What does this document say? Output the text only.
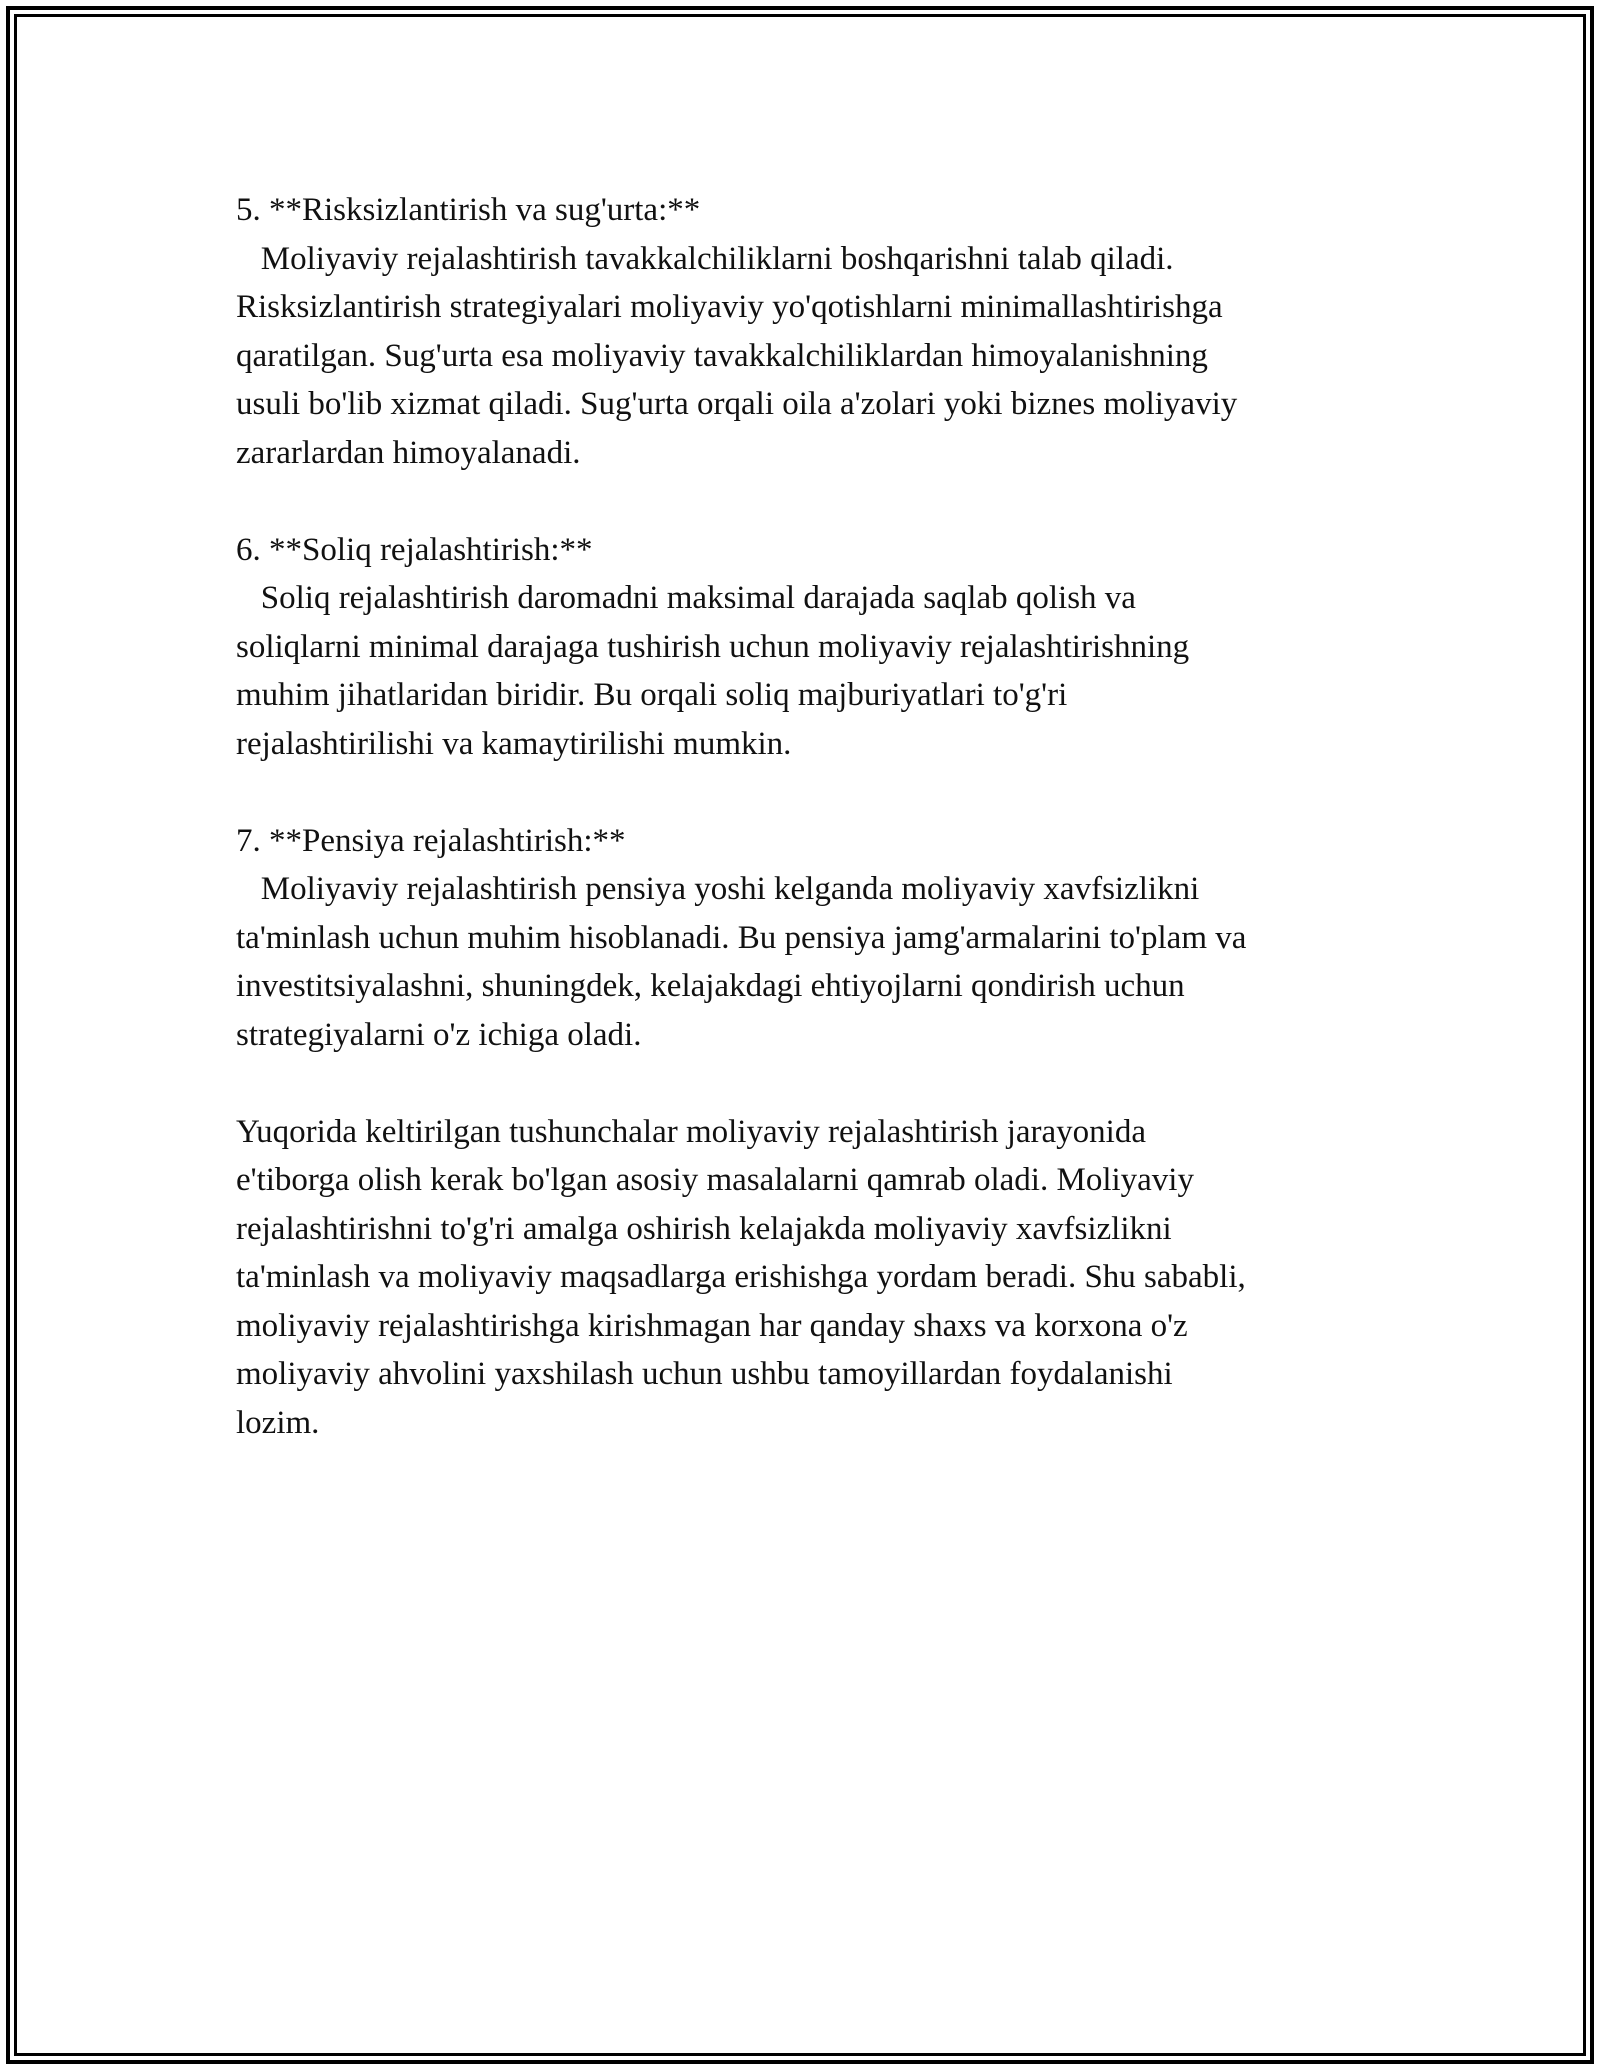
5. **Risksizlantirish va sug'urta:**
Moliyaviy rejalashtirish tavakkalchiliklarni boshqarishni talab qiladi.
Risksizlantirish strategiyalari moliyaviy yo'qotishlarni minimallashtirishga
qaratilgan. Sug'urta esa moliyaviy tavakkalchiliklardan himoyalanishning
usuli bo'lib xizmat qiladi. Sug'urta orqali oila a'zolari yoki biznes moliyaviy
zararlardan himoyalanadi.
6. **Soliq rejalashtirish:**
Soliq rejalashtirish daromadni maksimal darajada saqlab qolish va
soliqlarni minimal darajaga tushirish uchun moliyaviy rejalashtirishning
muhim jihatlaridan biridir. Bu orqali soliq majburiyatlari to'g'ri
rejalashtirilishi va kamaytirilishi mumkin.
7. **Pensiya rejalashtirish:**
Moliyaviy rejalashtirish pensiya yoshi kelganda moliyaviy xavfsizlikni
ta'minlash uchun muhim hisoblanadi. Bu pensiya jamg'armalarini to'plam va
investitsiyalashni, shuningdek, kelajakdagi ehtiyojlarni qondirish uchun
strategiyalarni o'z ichiga oladi.
Yuqorida keltirilgan tushunchalar moliyaviy rejalashtirish jarayonida
e'tiborga olish kerak bo'lgan asosiy masalalarni qamrab oladi. Moliyaviy
rejalashtirishni to'g'ri amalga oshirish kelajakda moliyaviy xavfsizlikni
ta'minlash va moliyaviy maqsadlarga erishishga yordam beradi. Shu sababli,
moliyaviy rejalashtirishga kirishmagan har qanday shaxs va korxona o'z
moliyaviy ahvolini yaxshilash uchun ushbu tamoyillardan foydalanishi
lozim.
